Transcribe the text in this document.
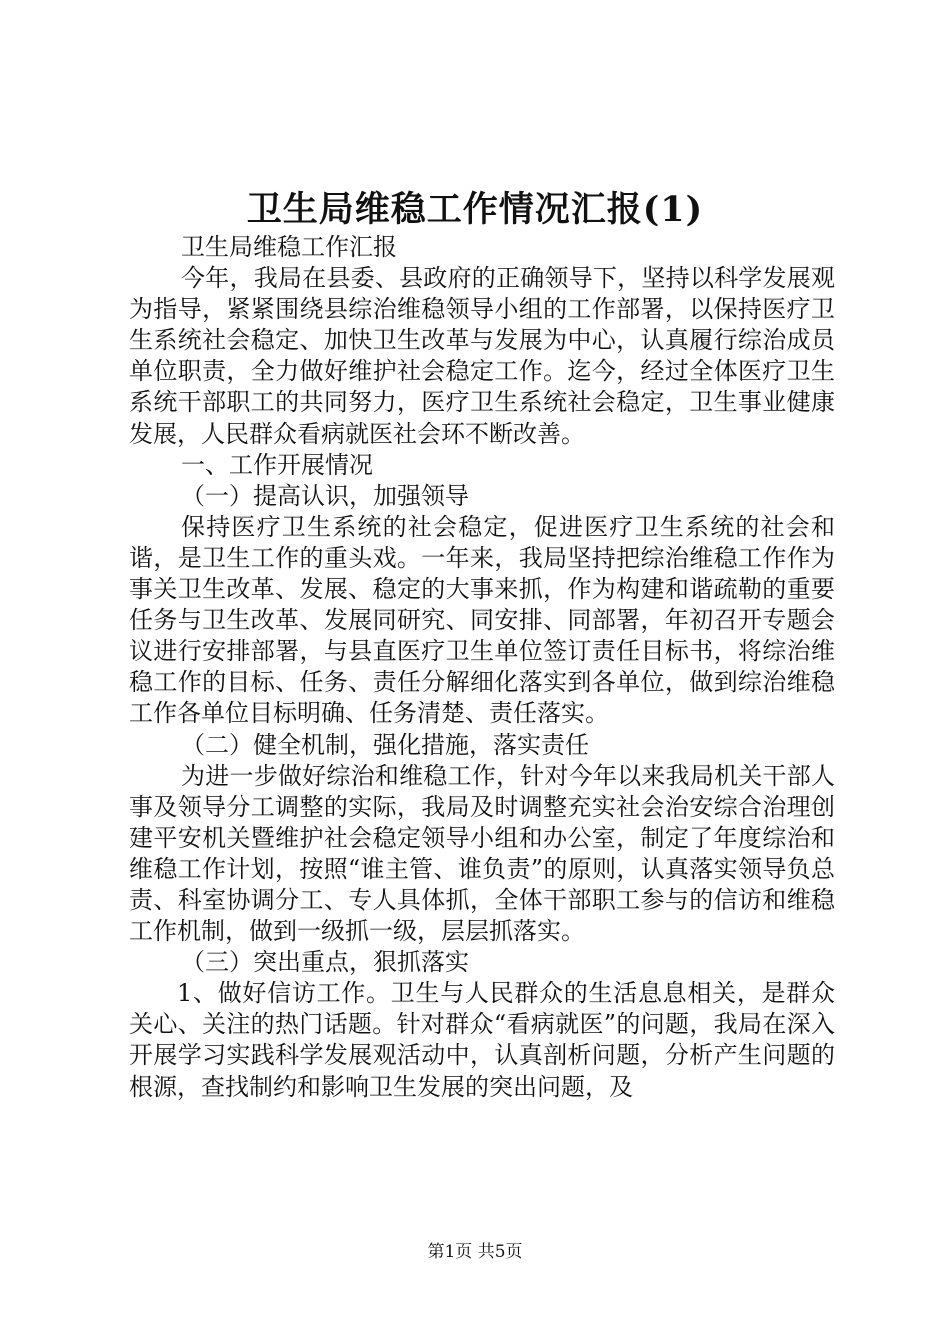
卫生局维稳工作情况汇报(1)

卫生局维稳工作汇报

今年，我局在县委、县政府的正确领导下，坚持以科学发展观为指导，紧紧围绕县综治维稳领导小组的工作部署，以保持医疗卫生系统社会稳定、加快卫生改革与发展为中心，认真履行综治成员单位职责，全力做好维护社会稳定工作。迄今，经过全体医疗卫生系统干部职工的共同努力，医疗卫生系统社会稳定，卫生事业健康发展，人民群众看病就医社会环不断改善。

一、工作开展情况

（一）提高认识，加强领导

保持医疗卫生系统的社会稳定，促进医疗卫生系统的社会和谐，是卫生工作的重头戏。一年来，我局坚持把综治维稳工作作为事关卫生改革、发展、稳定的大事来抓，作为构建和谐疏勒的重要任务与卫生改革、发展同研究、同安排、同部署，年初召开专题会议进行安排部署，与县直医疗卫生单位签订责任目标书，将综治维稳工作的目标、任务、责任分解细化落实到各单位，做到综治维稳工作各单位目标明确、任务清楚、责任落实。

（二）健全机制，强化措施，落实责任

为进一步做好综治和维稳工作，针对今年以来我局机关干部人事及领导分工调整的实际，我局及时调整充实社会治安综合治理创建平安机关暨维护社会稳定领导小组和办公室，制定了年度综治和维稳工作计划，按照“谁主管、谁负责”的原则，认真落实领导负总责、科室协调分工、专人具体抓，全体干部职工参与的信访和维稳工作机制，做到一级抓一级，层层抓落实。

（三）突出重点，狠抓落实

1、做好信访工作。卫生与人民群众的生活息息相关，是群众关心、关注的热门话题。针对群众“看病就医”的问题，我局在深入开展学习实践科学发展观活动中，认真剖析问题，分析产生问题的根源，查找制约和影响卫生发展的突出问题，及

第1页 共5页
